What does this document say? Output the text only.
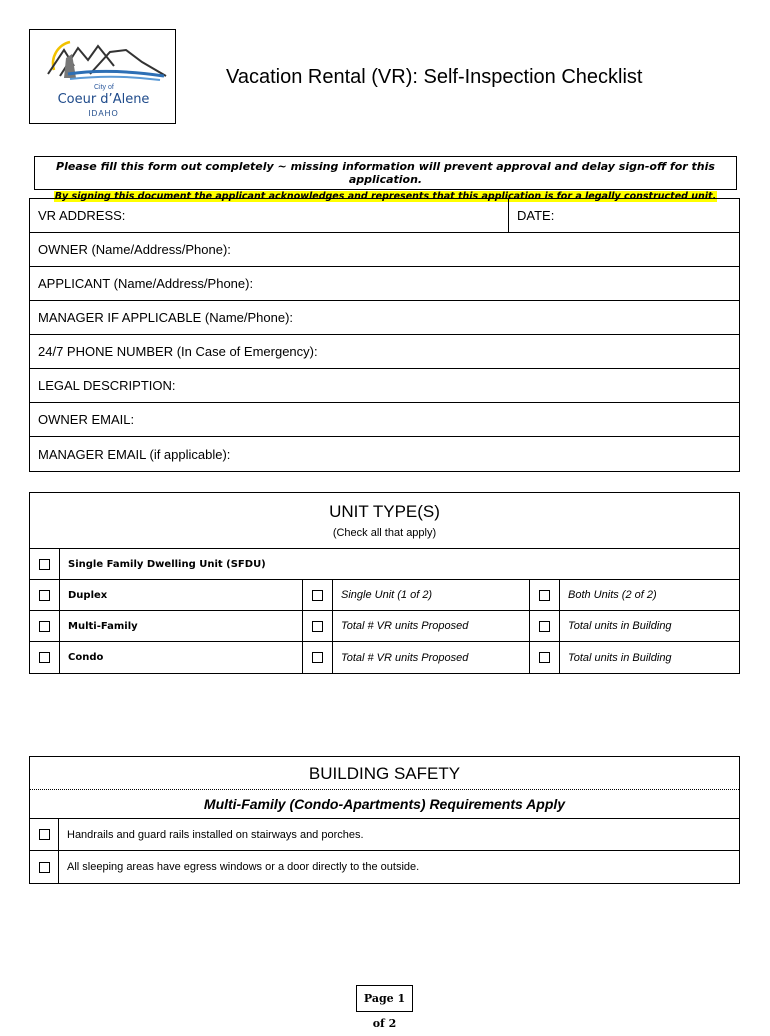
City of
Coeur d’Alene
IDAHO
Vacation Rental (VR): Self-Inspection Checklist
Please fill this form out completely ~ missing information will prevent approval and delay sign-off for this application.
By signing this document the applicant acknowledges and represents that this application is for a legally constructed unit.
VR ADDRESS:	DATE:
OWNER (Name/Address/Phone):
APPLICANT (Name/Address/Phone):
MANAGER IF APPLICABLE (Name/Phone):
24/7 PHONE NUMBER (In Case of Emergency):
LEGAL DESCRIPTION:
OWNER EMAIL:
MANAGER EMAIL (if applicable):
UNIT TYPE(S)
(Check all that apply)
Single Family Dwelling Unit (SFDU)
Duplex	Single Unit (1 of 2)	Both Units (2 of 2)
Multi-Family	Total # VR units Proposed	Total units in Building
Condo	Total # VR units Proposed	Total units in Building
BUILDING SAFETY
Multi-Family (Condo-Apartments) Requirements Apply
Handrails and guard rails installed on stairways and porches.
All sleeping areas have egress windows or a door directly to the outside.
Page 1 of 2
